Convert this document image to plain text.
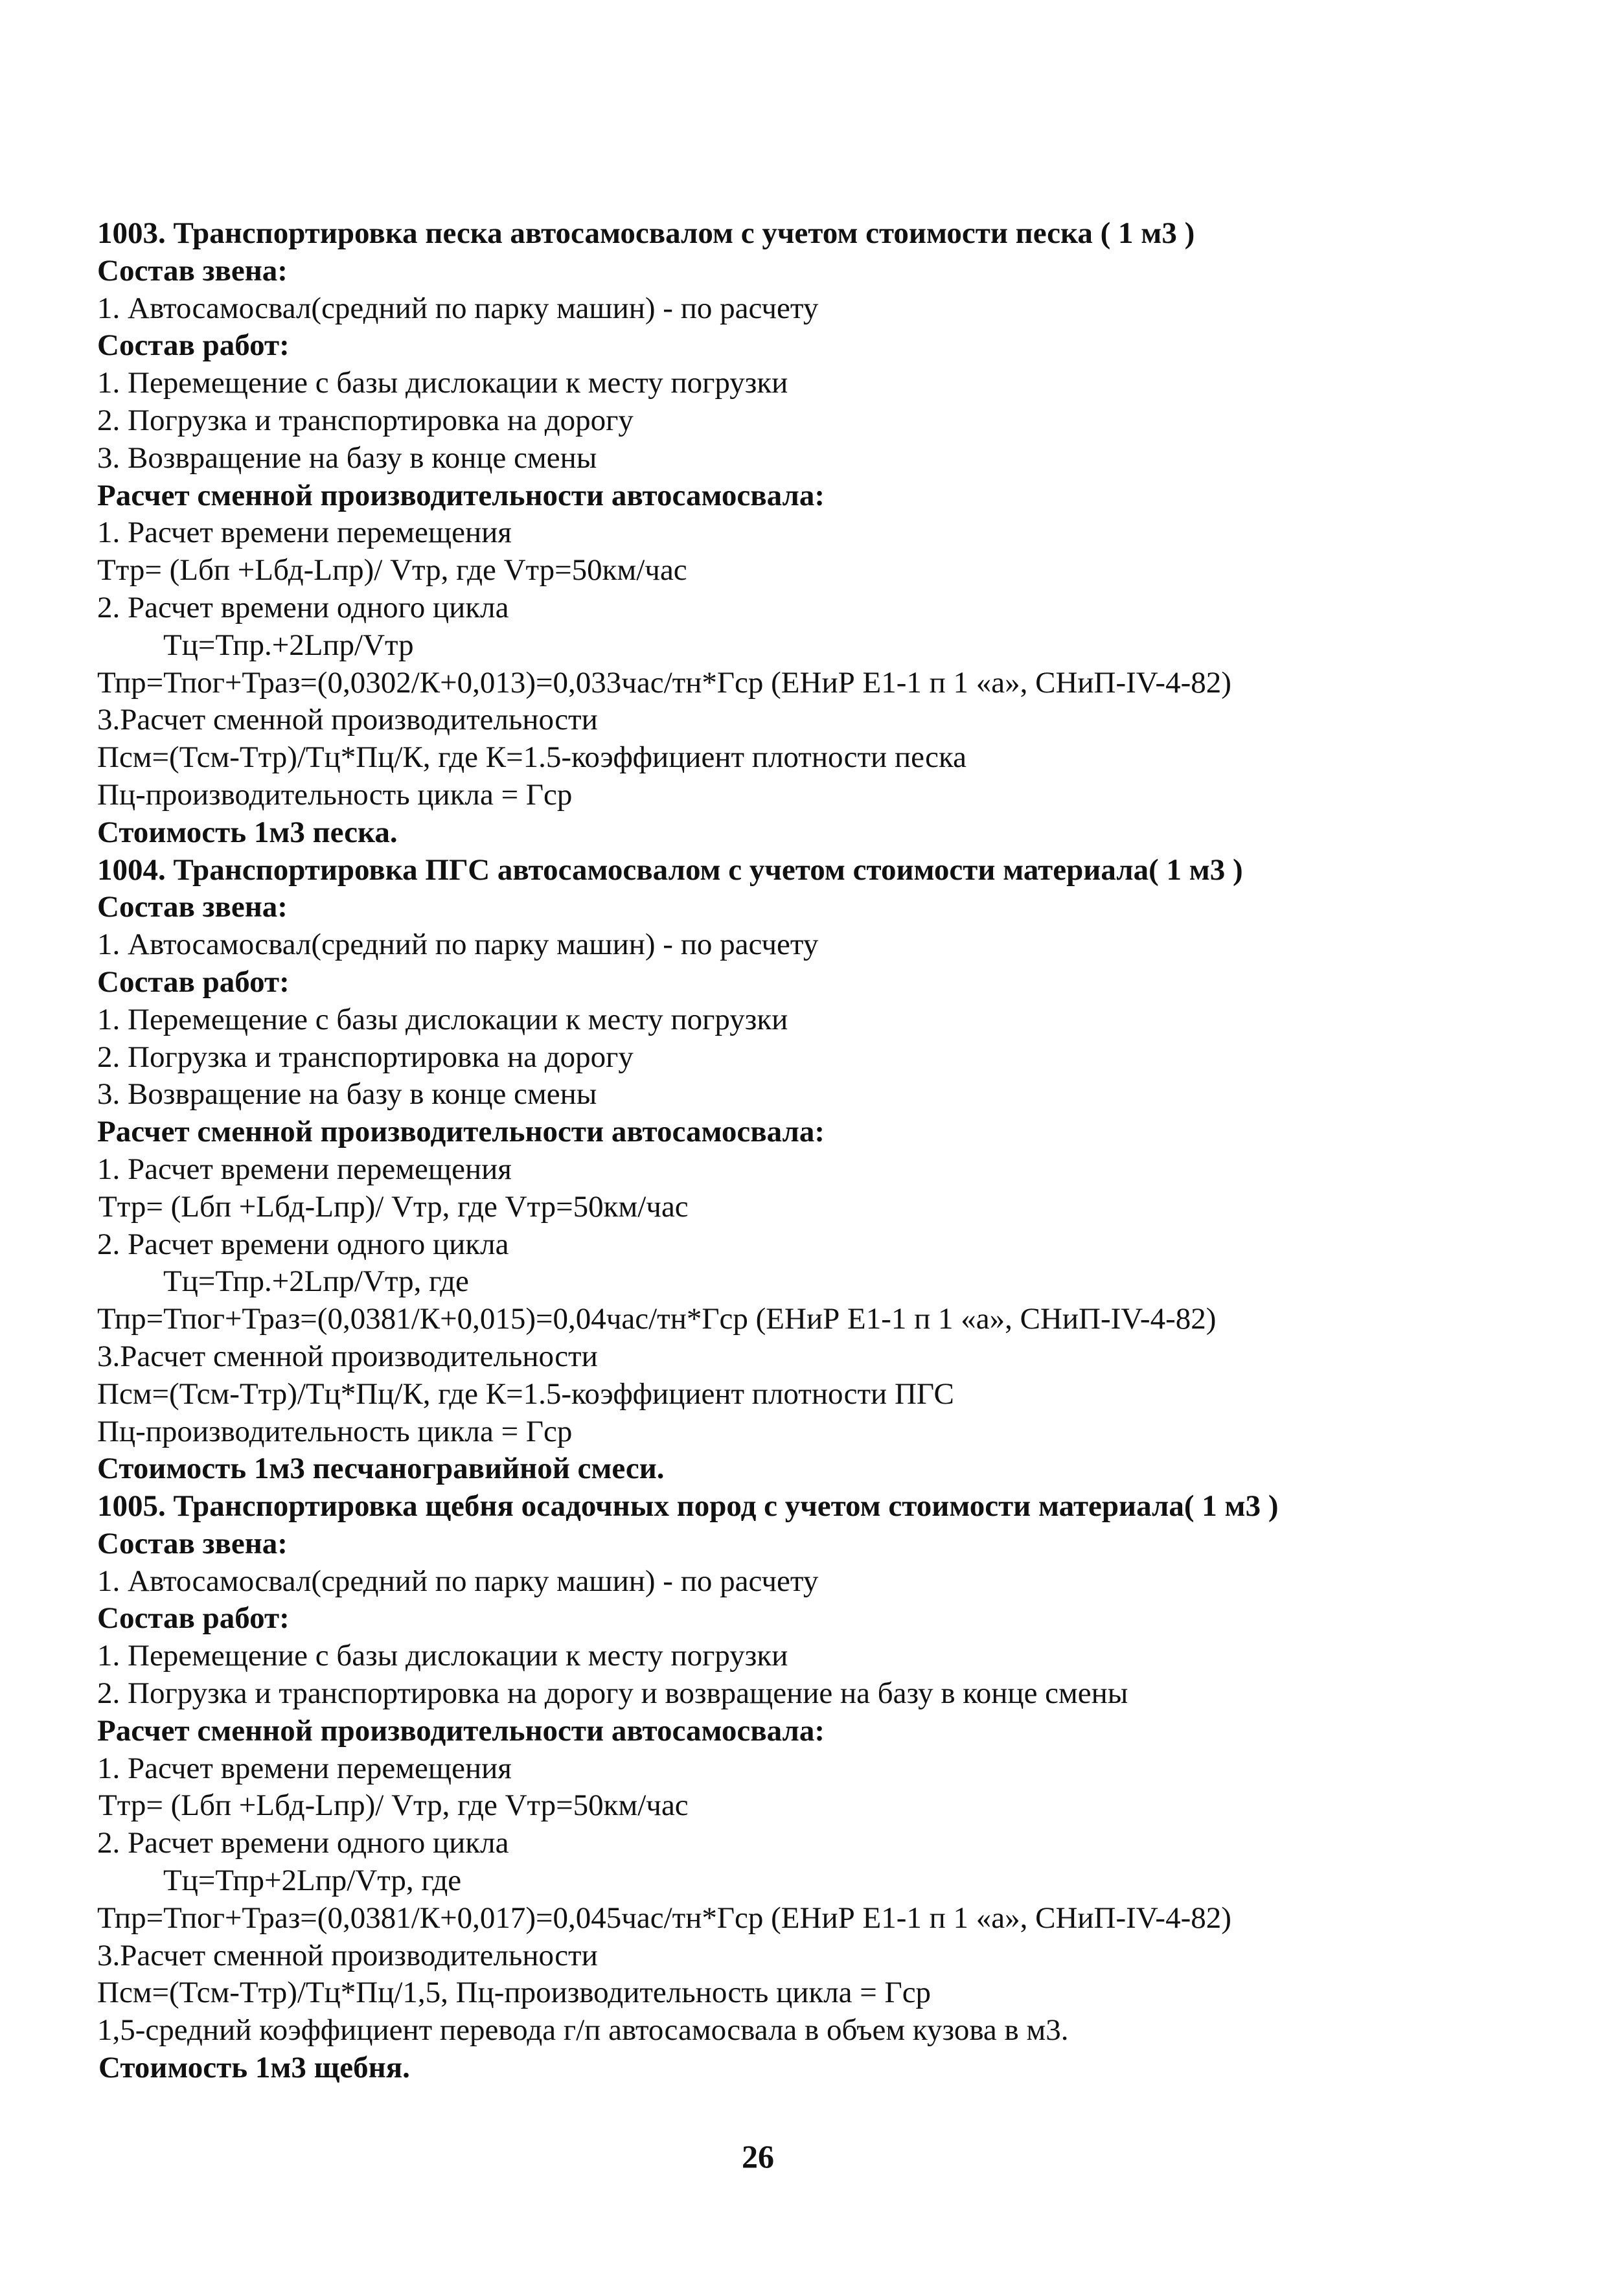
1003. Транспортировка песка автосамосвалом с учетом стоимости песка ( 1 м3 )
Состав звена:
1. Автосамосвал(средний по парку машин) - по расчету
Состав работ:
1. Перемещение с базы дислокации к месту погрузки
2. Погрузка и транспортировка на дорогу
3. Возвращение на базу в конце смены
Расчет сменной производительности автосамосвала:
1. Расчет времени перемещения
Ттр= (Lбп +Lбд-Lпр)/ Vтр, где Vтр=50км/час
2. Расчет времени одного цикла
Тц=Тпр.+2Lпр/Vтр
Тпр=Тпог+Траз=(0,0302/К+0,013)=0,033час/тн*Гср (ЕНиР Е1-1 п 1 «а», СНиП-IV-4-82)
3.Расчет сменной производительности
Псм=(Тсм-Ттр)/Тц*Пц/К, где К=1.5-коэффициент плотности песка
Пц-производительность цикла = Гср
Стоимость 1м3 песка.
1004. Транспортировка ПГС автосамосвалом с учетом стоимости материала( 1 м3 )
Состав звена:
1. Автосамосвал(средний по парку машин) - по расчету
Состав работ:
1. Перемещение с базы дислокации к месту погрузки
2. Погрузка и транспортировка на дорогу
3. Возвращение на базу в конце смены
Расчет сменной производительности автосамосвала:
1. Расчет времени перемещения
Ттр= (Lбп +Lбд-Lпр)/ Vтр, где Vтр=50км/час
2. Расчет времени одного цикла
Тц=Тпр.+2Lпр/Vтр, где
Тпр=Тпог+Траз=(0,0381/К+0,015)=0,04час/тн*Гср (ЕНиР Е1-1 п 1 «а», СНиП-IV-4-82)
3.Расчет сменной производительности
Псм=(Тсм-Ттр)/Тц*Пц/К, где К=1.5-коэффициент плотности ПГС
Пц-производительность цикла = Гср
Стоимость 1м3 песчаногравийной смеси.
1005. Транспортировка щебня осадочных пород с учетом стоимости материала( 1 м3 )
Состав звена:
1. Автосамосвал(средний по парку машин) - по расчету
Состав работ:
1. Перемещение с базы дислокации к месту погрузки
2. Погрузка и транспортировка на дорогу и возвращение на базу в конце смены
Расчет сменной производительности автосамосвала:
1. Расчет времени перемещения
Ттр= (Lбп +Lбд-Lпр)/ Vтр, где Vтр=50км/час
2. Расчет времени одного цикла
Тц=Тпр+2Lпр/Vтр, где
Тпр=Тпог+Траз=(0,0381/К+0,017)=0,045час/тн*Гср (ЕНиР Е1-1 п 1 «а», СНиП-IV-4-82)
3.Расчет сменной производительности
Псм=(Тсм-Ттр)/Тц*Пц/1,5, Пц-производительность цикла = Гср
1,5-средний коэффициент перевода г/п автосамосвала в объем кузова в м3.
Стоимость 1м3 щебня.
26
